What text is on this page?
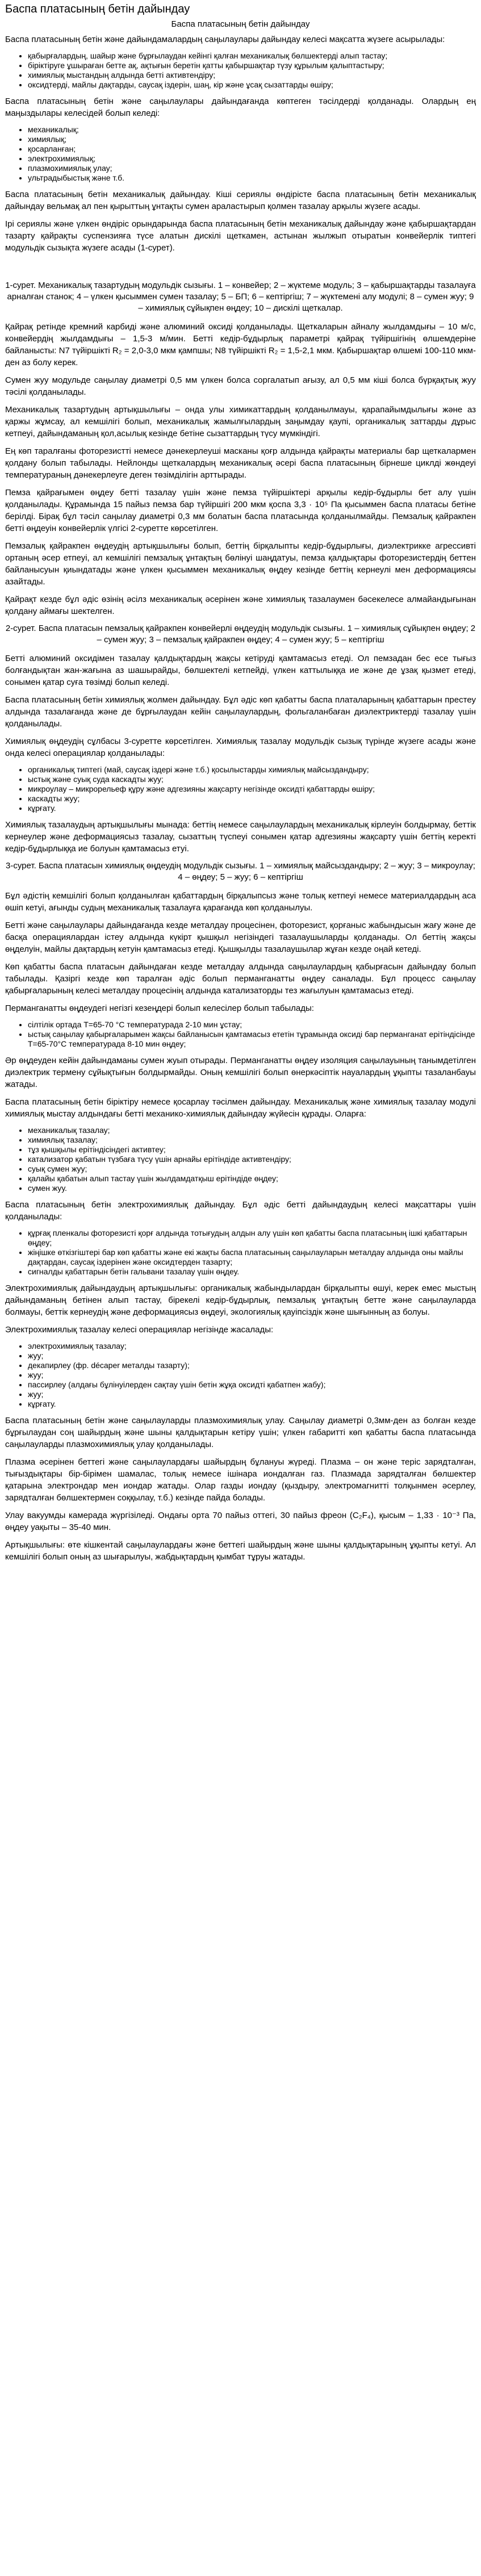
Баспа платасының бетін дайындау

Баспа платасының бетін дайындау

Баспа платасының бетін және дайындамалардың саңылаулары дайындау келесі мақсатта жүзеге асырылады:

• қабырғалардың, шайыр және бұрғылаудан кейінгі қалған механикалық бөлшектерді алып тастау;
• біріктіруге ұшыраған бетте ақ, ақтығын беретін қатты қабыршақтар түзу құрылым қалыптастыру;
• химиялық мыстандың алдында бетті активтендіру;
• оксидтерді, майлы дақтарды, саусақ іздерін, шаң, кір және ұсақ сызаттарды өшіру;

Баспа платасының бетін және саңылаулары дайындағанда көптеген тәсілдерді қолданады. Олардың ең маңыздылары келесідей болып келеді:

• механикалық;
• химиялық;
• қосарланған;
• электрохимиялық;
• плазмохимиялық улау;
• ультрадыбыстық және т.б.

Баспа платасының бетін механикалық дайындау. Кіші сериялы өндірісте баспа платасының бетін механикалық дайындау вельмақ ал пен қырыттың ұнтақты сумен араластырып қолмен тазалау арқылы жүзеге асады.

Ірі сериялы және үлкен өндіріс орындарында баспа платасының бетін механикалық дайындау және қабыршақтардан тазарту қайрақты суспензияға түсе алатын дискілі щеткамен, астынан жылжып отыратын конвейерлік типтегі модульдік сызықта жүзеге асады (1-сурет).

1-сурет. Механикалық тазартудың модульдік сызығы. 1 – конвейер; 2 – жүктеме модуль; 3 – қабыршақтарды тазалауға арналған станок; 4 – үлкен қысыммен сумен тазалау; 5 – БП; 6 – кептіргіш; 7 – жүктемені алу модулі; 8 – сумен жуу; 9 – химиялық сұйықпен өңдеу; 10 – дискілі щеткалар.

Қайрақ ретінде кремний карбиді және алюминий оксиді қолданылады. Щеткаларын айналу жылдамдығы – 10 м/с, конвейердің жылдамдығы – 1,5-3 м/мин. Бетті кедір-бұдырлық параметрі қайрақ түйіршігінің өлшемдеріне байланысты: N7 түйіршікті R₂ = 2,0-3,0 мкм қампшы; N8 түйіршікті R₂ = 1,5-2,1 мкм. Қабыршақтар өлшемі 100-110 мкм-ден аз болу керек.

Сумен жуу модульде саңылау диаметрі 0,5 мм үлкен болса соргалатып ағызу, ал 0,5 мм кіші болса бүрқақтық жуу тәсілі қолданылады.

Механикалық тазартудың артықшылығы – онда улы химикаттардың қолданылмауы, қарапайымдылығы және аз қаржы жұмсау, ал кемшілігі болып, механикалық жамылғылардың заңымдау қаупі, органикалық заттарды дұрыс кетпеуі, дайындаманың қол,асылық кезінде бетіне сызаттардың түсу мүмкіндігі.

Ең көп таралғаны фоторезистті немесе дәнекерлеуші масканы қоғр алдында қайрақты материалы бар щеткалармен қолдану болып табылады. Нейлонды щеткалардың механикалық әсері баспа платасының бірнеше циклді жөндеуі температураның дәнекерлеуге деген төзімділігін арттырады.

Пемза қайрағымен өңдеу бетті тазалау үшін және пемза түйіршіктері арқылы кедір-бұдырлы бет алу үшін қолданылады. Құрамында 15 пайыз пемза бар түйіршігі 200 мкм қоспа 3,3 · 10⁵ Па қысыммен баспа платасы бетіне берілді. Бірақ бұл тәсіл саңылау диаметрі 0,3 мм болатын баспа платасында қолданылмайды. Пемзалық қайракпен бетті өңдеуін конвейерлік үлгісі 2-суретте көрсетілген.

Пемзалық қайракпен өңдеудің артықшылығы болып, беттің бірқалыпты кедір-бұдырлығы, диэлектрикке агрессивті ортаның әсер етпеуі, ал кемшілігі пемзалық ұнтақтың бөлінуі шаңдатуы, пемза қалдықтары фоторезистердің беттен байланысуын қиындатады және үлкен қысыммен механикалық өңдеу кезінде беттің кернеулі мен деформациясы азайтады.

Қайрақт кезде бұл әдіс өзінің әсілз механикалық әсерінен және химиялық тазалаумен бәсекелесе алмайандығынан қолдану аймағы шектелген.

2-сурет. Баспа платасын пемзалық қайракпен конвейерлі өңдеудің модульдік сызығы. 1 – химиялық сұйықпен өңдеу; 2 – сумен жуу; 3 – пемзалық қайракпен өңдеу; 4 – сумен жуу; 5 – кептіргіш

Бетті алюминий оксидімен тазалау қалдықтардың жақсы кетіруді қамтамасыз етеді. Ол пемзадан бес есе тығыз болғандықтан жан-жағына аз шашырайды, бөлшектелі кетпейді, үлкен каттылыққа ие және де ұзақ қызмет етеді, сонымен қатар суға төзімді болып келеді.

Баспа платасының бетін химиялық жолмен дайындау. Бұл әдіс көп қабатты баспа платаларының қабаттарын престеу алдында тазалағанда және де бұрғылаудан кейін саңылаулардың, фольгаланбаған диэлектриктерді тазалау үшін қолданылады.

Химиялық өңдеудің сұлбасы 3-суретте көрсетілген. Химиялық тазалау модульдік сызық түрінде жүзеге асады және онда келесі операциялар қолданылады:

• органикалық типтегі (май, саусақ іздері және т.б.) қосылыстарды химиялық майсыздандыру;
• ыстық және суық суда каскадты жуу;
• микроулау – микрорельеф құру және адгезияны жақсарту негізінде оксидті қабаттарды өшіру;
• каскадты жуу;
• кұрғату.

Химиялық тазалаудың артықшылығы мынада: беттің немесе саңылаулардың механикалық кірлеуін болдырмау, беттік кернеулер және деформациясыз тазалау, сызаттың түспеуі сонымен қатар адгезияны жақсарту үшін беттің керекті кедір-бұдырлыққа ие болуын қамтамасыз етуі.

3-сурет. Баспа платасын химиялық өңдеудің модульдік сызығы. 1 – химиялық майсыздандыру; 2 – жуу; 3 – микроулау; 4 – өңдеу; 5 – жуу; 6 – кептіргіш

Бұл әдістің кемшілігі болып қолданылған қабаттардың бірқалыпсыз және толық кетпеуі немесе материалдардың аса өшіп кетуі, ағынды судың механикалық тазалауға қарағанда көп қолданылуы.

Бетті және саңылаулары дайындағанда кезде металдау процесінен, фоторезист, қорғаныс жабындысын жағу және де басқа операциялардан істеу алдында күкірт қышқыл негізіндегі тазалаушыларды қолданады. Ол беттің жақсы өңделуін, майлы дақтардың кетуін қамтамасыз етеді. Қышқылды тазалаушылар жұған кезде оңай кетеді.

Көп қабатты баспа платасын дайындаған кезде металдау алдында саңылаулардың қабырғасын дайындау болып табылады. Қазіргі кезде көп таралған әдіс болып перманганатты өңдеу саналады. Бұл процесс саңылау қабырғаларының келесі металдау процесінің алдында катализаторды тез жағылуын қамтамасыз етеді.

Перманганатты өңдеудегі негізгі кезеңдері болып келесілер болып табылады:

• сілтілік ортада Т=65-70 °С температурада 2-10 мин ұстау;
• ыстық саңылау қабырғаларымен жақсы байланысын қамтамасыз ететін тұрамында оксиді бар перманганат ерітіндісінде Т=65-70°С температурада 8-10 мин өңдеу;

Әр өңдеуден кейін дайындаманы сумен жуып отырады. Перманганатты өңдеу изоляция саңылауының танымдетілген диэлектрик термену сұйықтығын болдырмайды. Оның кемшілігі болып өнеркәсіптік науалардың ұқыпты тазаланбауы жатады.

Баспа платасының бетін біріктіру немесе қосарлау тәсілмен дайындау. Механикалық және химиялық тазалау модулі химиялық мыстау алдындағы бетті механико-химиялық дайындау жүйесін құрады. Оларға:

• механикалық тазалау;
• химиялық тазалау;
• тұз қышқылы ерітіндісіндегі активтеу;
• катализатор қабатын түзбаға түсу үшін арнайы ерітіндіде активтендіру;
• суық сумен жуу;
• қалайы қабатын алып тастау үшін жылдамдатқыш ерітіндіде өңдеу;
• сумен жуу.

Баспа платасының бетін электрохимиялық дайындау. Бұл әдіс бетті дайындаудың келесі мақсаттары үшін қолданылады:

• құрғақ пленкалы фоторезисті қорғ алдында тотығудың алдын алу үшін көп қабатты баспа платасының ішкі қабаттарын өңдеу;
• жіңішке өткізгіштері бар көп қабатты және екі жақты баспа платасының саңылауларын металдау алдында оны майлы дақтардан, саусақ іздерінен және оксидтерден тазарту;
• сигналды қабаттарын бетін гальвани тазалау үшін өңдеу.

Электрохимиялық дайындаудың артықшылығы: органикалық жабындылардан бірқалыпты өшуі, керек емес мыстың дайындаманың бетінен алып тастау, бірекелі кедір-бұдырлық, пемзалық ұнтақтың бетте және саңылауларда болмауы, беттік кернеудің және деформациясыз өңдеуі, экологиялық қауіпсіздік және шығынның аз болуы.

Электрохимиялық тазалау келесі операциялар негізінде жасалады:

• электрохимиялық тазалау;
• жуу;
• декапирлеу (фр. décaper металды тазарту);
• жуу;
• пассирлеу (алдағы бұлінуілерден сақтау үшін бетін жұқа оксидті қабатпен жабу);
• жуу;
• кұрғату.

Баспа платасының бетін және саңылауларды плазмохимиялық улау. Саңылау диаметрі 0,3мм-ден аз болған кезде бұрғылаудан соң шайырдың және шыны қалдықтарын кетіру үшін; үлкен габаритті көп қабатты баспа платасында саңылауларды плазмохимиялық улау қолданылады.

Плазма әсерінен беттегі және саңылаулардағы шайырдың бұлануы жүреді. Плазма – он және теріс зарядталған, тығыздықтары бір-бірімен шамалас, толық немесе ішінара иондалған газ. Плазмада зарядталған бөлшектер қатарына электрондар мен иондар жатады. Олар газды иондау (қыздыру, электромагнитті толқынмен әсерлеу, зарядталған бөлшектермен соққылау, т.б.) кезінде пайда болады.

Улау вакуумды камерада жүргізіледі. Ондағы орта 70 пайыз оттегі, 30 пайыз фреон (С₂F₄), қысым – 1,33 · 10⁻³ Па, өңдеу уақыты – 35-40 мин.

Артықшылығы: өте кішкентай саңылаулардағы және беттегі шайырдың және шыны қалдықтарының ұқыпты кетуі. Ал кемшілігі болып оның аз шығарылуы, жабдықтардың қымбат тұруы жатады.
